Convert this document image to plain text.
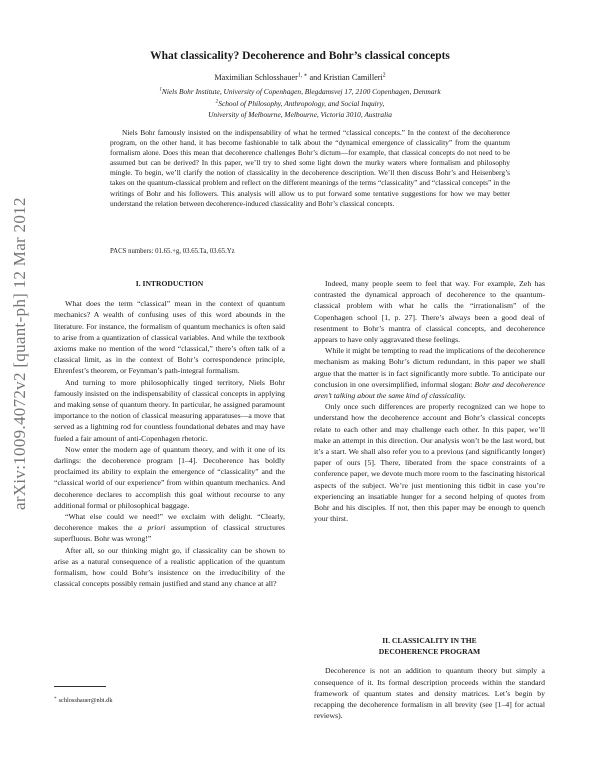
arXiv:1009.4072v2 [quant-ph] 12 Mar 2012
What classicality? Decoherence and Bohr’s classical concepts
Maximilian Schlosshauer$^{1, ∗}$ and Kristian Camilleri$^2$
$^1$Niels Bohr Institute, University of Copenhagen, Blegdamsvej 17, 2100 Copenhagen, Denmark
$^2$School of Philosophy, Anthropology, and Social Inquiry,
University of Melbourne, Melbourne, Victoria 3010, Australia
Niels Bohr famously insisted on the indispensability of what he termed “classical concepts.” In the context of the decoherence program, on the other hand, it has become fashionable to talk about the “dynamical emergence of classicality” from the quantum formalism alone. Does this mean that decoherence challenges Bohr’s dictum—for example, that classical concepts do not need to be assumed but can be derived? In this paper, we’ll try to shed some light down the murky waters where formalism and philosophy mingle. To begin, we’ll clarify the notion of classicality in the decoherence description. We’ll then discuss Bohr’s and Heisenberg’s takes on the quantum-classical problem and reflect on the different meanings of the terms “classicality” and “classical concepts” in the writings of Bohr and his followers. This analysis will allow us to put forward some tentative suggestions for how we may better understand the relation between decoherence-induced classicality and Bohr’s classical concepts.
PACS numbers: 01.65.+g, 03.65.Ta, 03.65.Yz
I. INTRODUCTION

What does the term “classical” mean in the context of quantum mechanics? A wealth of confusing uses of this word abounds in the literature. For instance, the formalism of quantum mechanics is often said to arise from a quantization of classical variables. And while the textbook axioms make no mention of the word “classical,” there’s often talk of a classical limit, as in the context of Bohr’s correspondence principle, Ehrenfest’s theorem, or Feynman’s path-integral formalism.

And turning to more philosophically tinged territory, Niels Bohr famously insisted on the indispensability of classical concepts in applying and making sense of quantum theory. In particular, he assigned paramount importance to the notion of classical measuring apparatuses—a move that served as a lightning rod for countless foundational debates and may have fueled a fair amount of anti-Copenhagen rhetoric.

Now enter the modern age of quantum theory, and with it one of its darlings: the decoherence program [1–4]. Decoherence has boldly proclaimed its ability to explain the emergence of “classicality” and the “classical world of our experience” from within quantum mechanics. And decoherence declares to accomplish this goal without recourse to any additional formal or philosophical baggage.

“What else could we need!” we exclaim with delight. “Clearly, decoherence makes the a priori assumption of classical structures superfluous. Bohr was wrong!”

After all, so our thinking might go, if classicality can be shown to arise as a natural consequence of a realistic application of the quantum formalism, how could Bohr’s insistence on the irreducibility of the classical concepts possibly remain justified and stand any chance at all?

Indeed, many people seem to feel that way. For example, Zeh has contrasted the dynamical approach of decoherence to the quantum-classical problem with what he calls the “irrationalism” of the Copenhagen school [1, p. 27]. There’s always been a good deal of resentment to Bohr’s mantra of classical concepts, and decoherence appears to have only aggravated these feelings.

While it might be tempting to read the implications of the decoherence mechanism as making Bohr’s dictum redundant, in this paper we shall argue that the matter is in fact significantly more subtle. To anticipate our conclusion in one oversimplified, informal slogan: Bohr and decoherence aren’t talking about the same kind of classicality.

Only once such differences are properly recognized can we hope to understand how the decoherence account and Bohr’s classical concepts relate to each other and may challenge each other. In this paper, we’ll make an attempt in this direction. Our analysis won’t be the last word, but it’s a start. We shall also refer you to a previous (and significantly longer) paper of ours [5]. There, liberated from the space constraints of a conference paper, we devote much more room to the fascinating historical aspects of the subject. We’re just mentioning this tidbit in case you’re experiencing an insatiable hunger for a second helping of quotes from Bohr and his disciples. If not, then this paper may be enough to quench your thirst.

II. CLASSICALITY IN THE
DECOHERENCE PROGRAM

Decoherence is not an addition to quantum theory but simply a consequence of it. Its formal description proceeds within the standard framework of quantum states and density matrices. Let’s begin by recapping the decoherence formalism in all brevity (see [1–4] for actual reviews).

∗ schlosshauer@nbi.dk
